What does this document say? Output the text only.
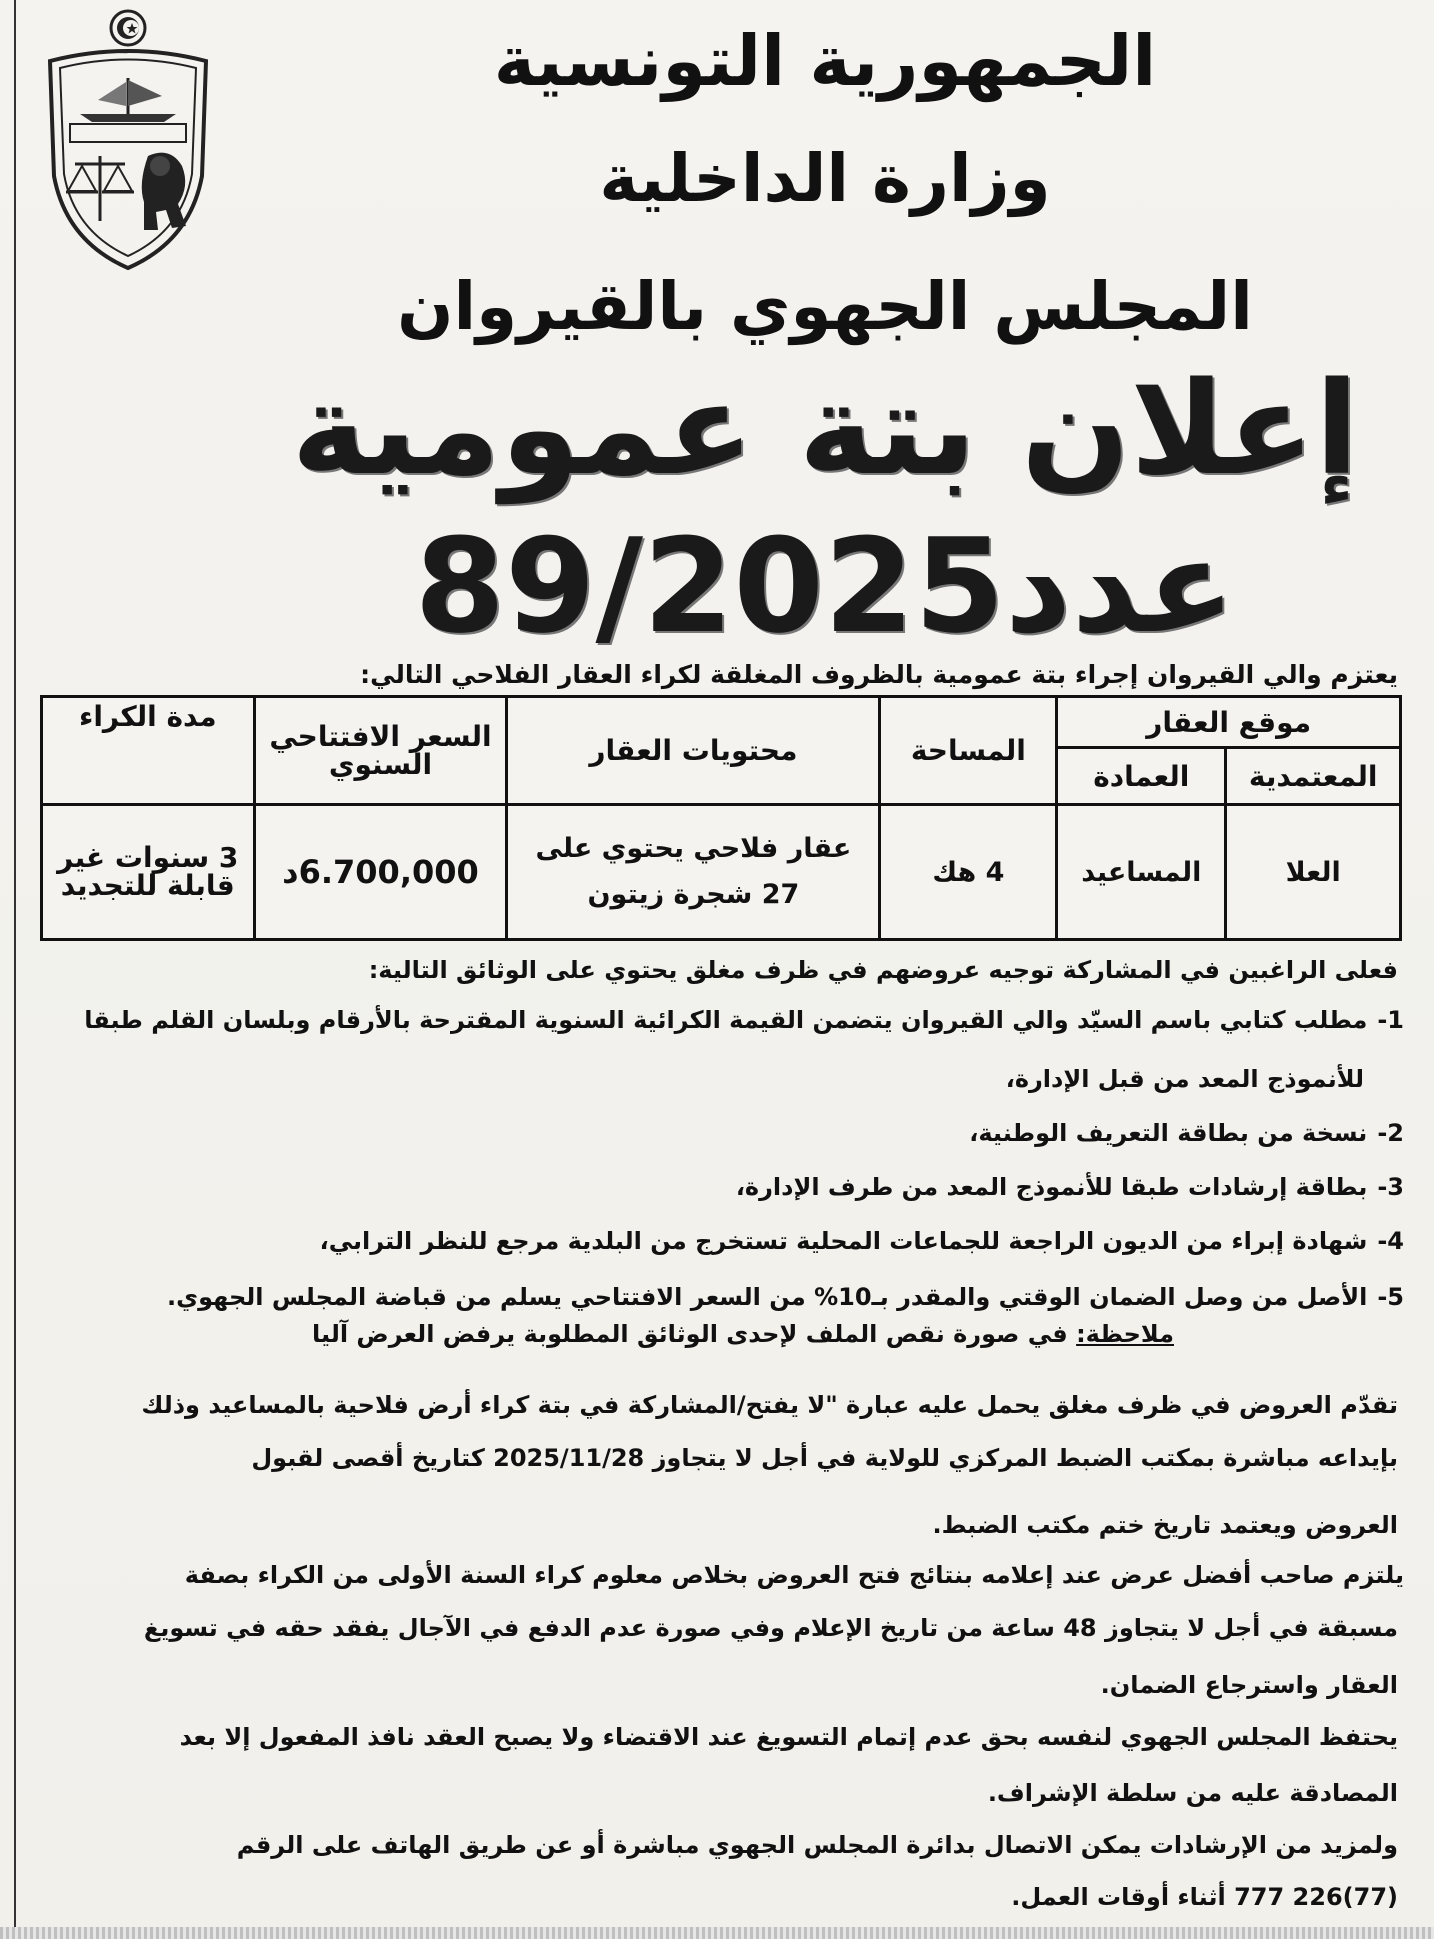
الجمهورية التونسية
وزارة الداخلية
المجلس الجهوي بالقيروان
إعلان بتة عمومية
عدد89/2025
يعتزم والي القيروان إجراء بتة عمومية بالظروف المغلقة لكراء العقار الفلاحي التالي:
موقع العقار		المساحة	محتويات العقار	السعر الافتتاحي السنوي	مدة الكراء
المعتمدية	العمادة				
العلا	المساعيد	4 هك	عقار فلاحي يحتوي على 27 شجرة زيتون	6.700,000د	3 سنوات غير قابلة للتجديد
فعلى الراغبين في المشاركة توجيه عروضهم في ظرف مغلق يحتوي على الوثائق التالية:
1-مطلب كتابي باسم السيّد والي القيروان يتضمن القيمة الكرائية السنوية المقترحة بالأرقام وبلسان القلم طبقا
للأنموذج المعد من قبل الإدارة،
2-نسخة من بطاقة التعريف الوطنية،
3-بطاقة إرشادات طبقا للأنموذج المعد من طرف الإدارة،
4-شهادة إبراء من الديون الراجعة للجماعات المحلية تستخرج من البلدية مرجع للنظر الترابي،
5-الأصل من وصل الضمان الوقتي والمقدر بـ10% من السعر الافتتاحي يسلم من قباضة المجلس الجهوي.
ملاحظة: في صورة نقص الملف لإحدى الوثائق المطلوبة يرفض العرض آليا
تقدّم العروض في ظرف مغلق يحمل عليه عبارة "لا يفتح/المشاركة في بتة كراء أرض فلاحية بالمساعيد وذلك
بإيداعه مباشرة بمكتب الضبط المركزي للولاية في أجل لا يتجاوز 2025/11/28 كتاريخ أقصى لقبول
العروض ويعتمد تاريخ ختم مكتب الضبط.
يلتزم صاحب أفضل عرض عند إعلامه بنتائج فتح العروض بخلاص معلوم كراء السنة الأولى من الكراء بصفة
مسبقة في أجل لا يتجاوز 48 ساعة من تاريخ الإعلام وفي صورة عدم الدفع في الآجال يفقد حقه في تسويغ
العقار واسترجاع الضمان.
يحتفظ المجلس الجهوي لنفسه بحق عدم إتمام التسويغ عند الاقتضاء ولا يصبح العقد نافذ المفعول إلا بعد
المصادقة عليه من سلطة الإشراف.
ولمزيد من الإرشادات يمكن الاتصال بدائرة المجلس الجهوي مباشرة أو عن طريق الهاتف على الرقم
(77)226 777 أثناء أوقات العمل.
